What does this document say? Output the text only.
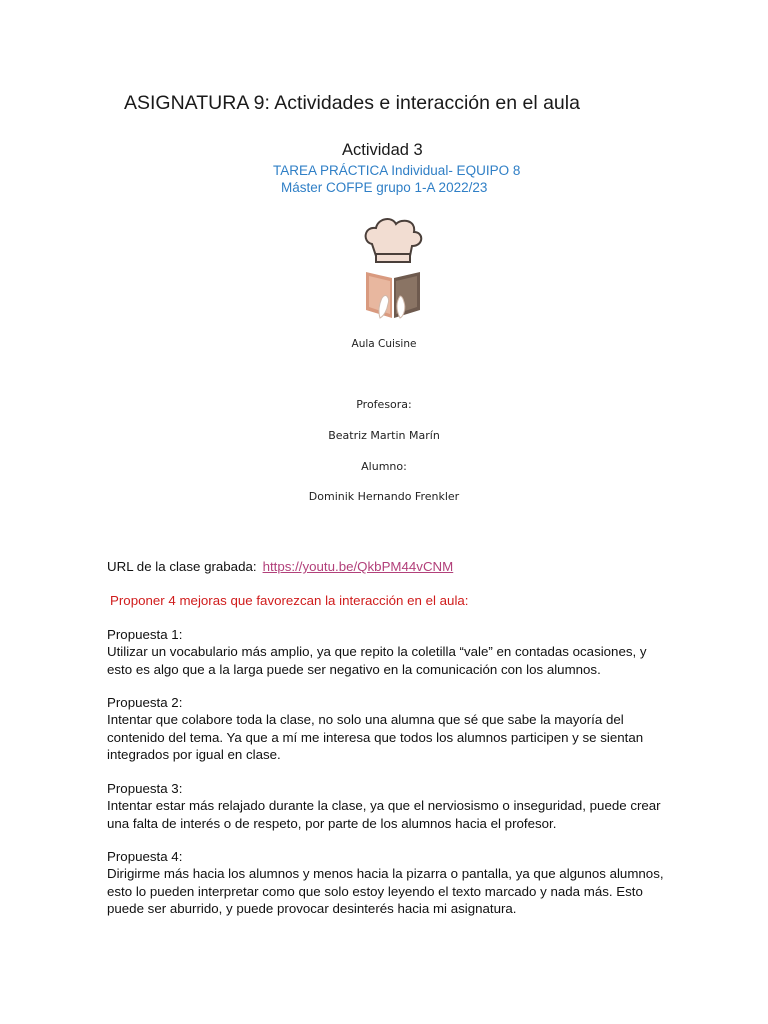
ASIGNATURA 9: Actividades e interacción en el aula
Actividad 3
TAREA PRÁCTICA Individual- EQUIPO 8
Máster COFPE grupo 1-A 2022/23
Aula Cuisine
Profesora:
Beatriz Martin Marín
Alumno:
Dominik Hernando Frenkler
URL de la clase grabada: https://youtu.be/QkbPM44vCNM
Proponer 4 mejoras que favorezcan la interacción en el aula:

Propuesta 1:

Utilizar un vocabulario más amplio, ya que repito la coletilla “vale” en contadas ocasiones, y esto es algo que a la larga puede ser negativo en la comunicación con los alumnos.

Propuesta 2:

Intentar que colabore toda la clase, no solo una alumna que sé que sabe la mayoría del contenido del tema. Ya que a mí me interesa que todos los alumnos participen y se sientan integrados por igual en clase.

Propuesta 3:

Intentar estar más relajado durante la clase, ya que el nerviosismo o inseguridad, puede crear una falta de interés o de respeto, por parte de los alumnos hacia el profesor.

Propuesta 4:

Dirigirme más hacia los alumnos y menos hacia la pizarra o pantalla, ya que algunos alumnos, esto lo pueden interpretar como que solo estoy leyendo el texto marcado y nada más. Esto puede ser aburrido, y puede provocar desinterés hacia mi asignatura.
